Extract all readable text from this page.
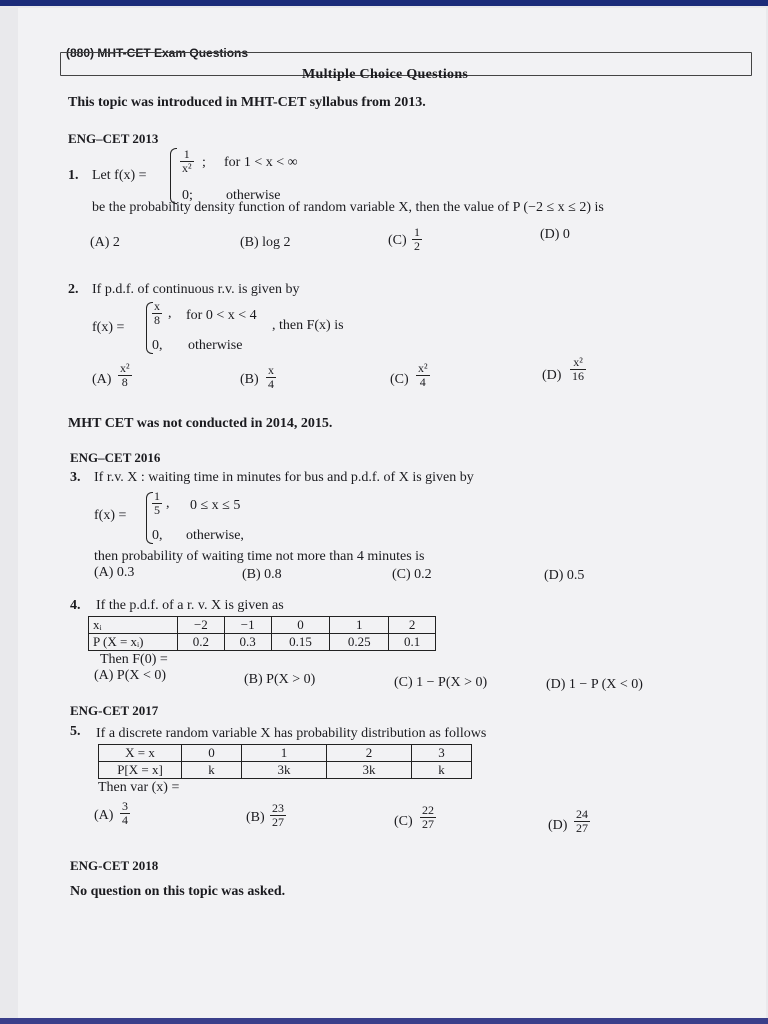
(880) MHT-CET Exam Questions
Multiple Choice Questions
This topic was introduced in MHT-CET syllabus from 2013.
ENG–CET 2013
1. Let f(x) =
$\frac{1}{\text{x²}}$ ; for 1 < x < ∞
0; otherwise
be the probability density function of random variable X, then the value of P (−2 ≤ x ≤ 2) is
(A) 2	(B) log 2	$(C) \frac{1}{2}$	(D) 0
2. If p.d.f. of continuous r.v. is given by
f(x) =
$\frac{x}{8}$ , for 0 < x < 4
0, otherwise
, then F(x) is
$(A) \frac{\text{x²}}{8}$	$(B) \frac{x}{4}$	$(C) \frac{\text{x²}}{4}$	$(D) \frac{\text{x²}}{16}$
MHT CET was not conducted in 2014, 2015.
ENG–CET 2016
3. If r.v. X : waiting time in minutes for bus and p.d.f. of X is given by
$f(x) = \frac{1}{5}$ , 0 ≤ x ≤ 5
0, otherwise,
then probability of waiting time not more than 4 minutes is
(A) 0.3	(B) 0.8	(C) 0.2	(D) 0.5
4. If the p.d.f. of a r. v. X is given as
xᵢ	−2	−1	0	1	2
P (X = xᵢ)	0.2	0.3	0.15	0.25	0.1
Then F(0) =
(A) P(X < 0)	(B) P(X > 0)	(C) 1 − P(X > 0)	(D) 1 − P (X < 0)
ENG-CET 2017
5. If a discrete random variable X has probability distribution as follows
X = x	0	1	2	3
P[X = x]	k	3k	3k	k
Then var (x) =
$(A) \frac{3}{4}$	$(B) \frac{23}{27}$	$(C) \frac{22}{27}$	$(D) \frac{24}{27}$
ENG-CET 2018
No question on this topic was asked.
